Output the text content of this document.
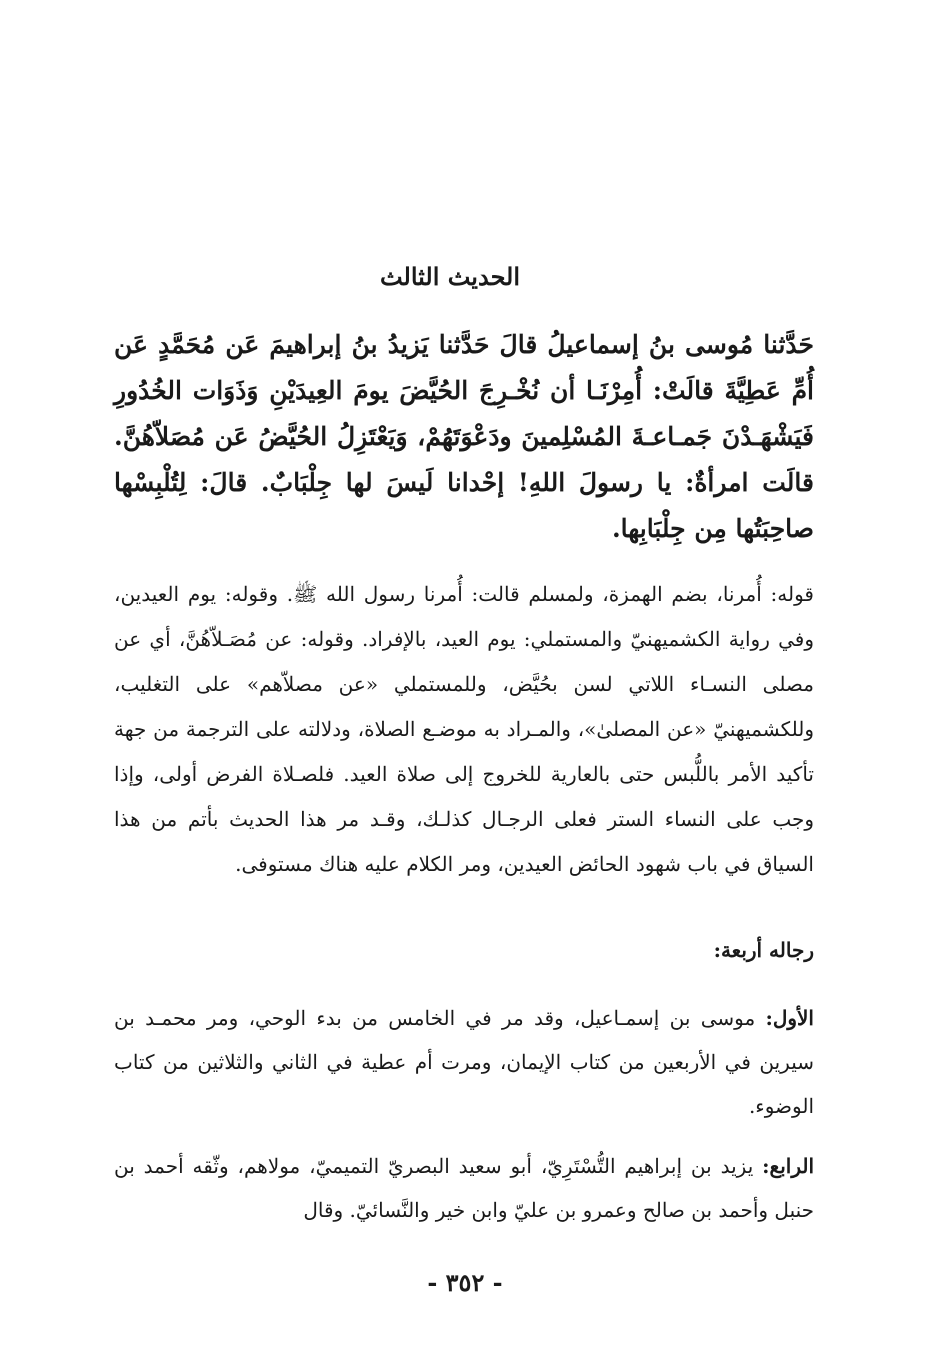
الحديث الثالث

حَدَّثنا مُوسى بنُ إسماعيلُ قالَ حَدَّثنا يَزيدُ بنُ إبراهيمَ عَن مُحَمَّدٍ عَن أُمِّ عَطِيَّةَ قالَتْ: أُمِرْنَـا أن نُخْـرِجَ الحُيَّضَ يومَ العِيدَيْنِ وَذَوَات الخُدُورِ فَيَشْهَـدْنَ جَمـاعـةَ المُسْلِمينَ ودَعْوَتَهُمْ، وَيَعْتَزِلُ الحُيَّضُ عَن مُصَلاّهُنَّ. قالَت امرأةٌ: يا رسولَ اللهِ! إحْدانا لَيسَ لها جِلْبَابٌ. قالَ: لِتُلْبِسْها صاحِبَتُها مِن جِلْبَابِها.

قوله: أُمرنا، بضم الهمزة، ولمسلم قالت: أُمرنا رسول الله ﷺ. وقوله: يوم العيدين، وفي رواية الكشميهنيّ والمستملي: يوم العيد، بالإفراد. وقوله: عن مُصَـلاّهُنَّ، أي عن مصلى النسـاء اللاتي لسن بحُيَّض، وللمستملي «عن مصلاّهم» على التغليب، وللكشميهنيّ «عن المصلىٰ»، والمـراد به موضـع الصلاة، ودلالته على الترجمة من جهة تأكيد الأمر باللُّبس حتى بالعارية للخروج إلى صلاة العيد. فلصـلاة الفرض أولى، وإذا وجب على النساء الستر فعلى الرجـال كذلـك، وقـد مر هذا الحديث بأتم من هذا السياق في باب شهود الحائض العيدين، ومر الكلام عليه هناك مستوفى.

رجاله أربعة:

الأول: موسى بن إسمـاعيل، وقد مر في الخامس من بدء الوحي، ومر محمـد بن سيرين في الأربعين من كتاب الإيمان، ومرت أم عطية في الثاني والثلاثين من كتاب الوضوء.

الرابع: يزيد بن إبراهيم التُّسْتَرِيّ، أبو سعيد البصريّ التميميّ، مولاهم، وثّقه أحمد بن حنبل وأحمد بن صالح وعمرو بن عليّ وابن خير والنَّسائيّ. وقال

- ٣٥٢ -
